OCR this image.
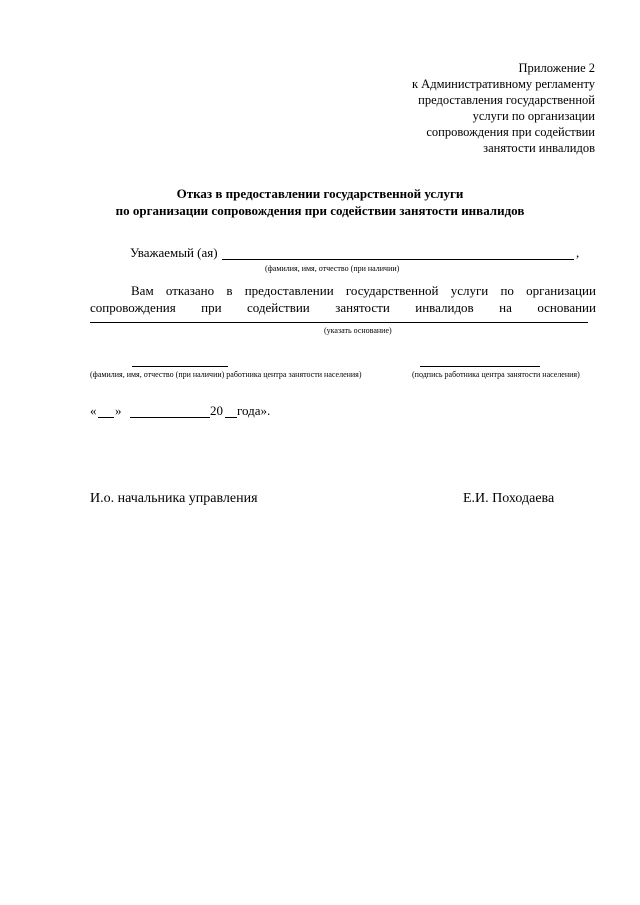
Приложение 2
к Административному регламенту
предоставления государственной
услуги по организации
сопровождения при содействии
занятости инвалидов
Отказ в предоставлении государственной услуги
по организации сопровождения при содействии занятости инвалидов
Уважаемый (ая)	,
(фамилия, имя, отчество (при наличии)
Вам отказано в предоставлении государственной услуги по организации
сопровождения при содействии занятости инвалидов на основании
(указать основание)
(фамилия, имя, отчество (при наличии) работника центра занятости населения)	(подпись работника центра занятости населения)
« »	20 года».
И.о. начальника управления	Е.И. Походаева
